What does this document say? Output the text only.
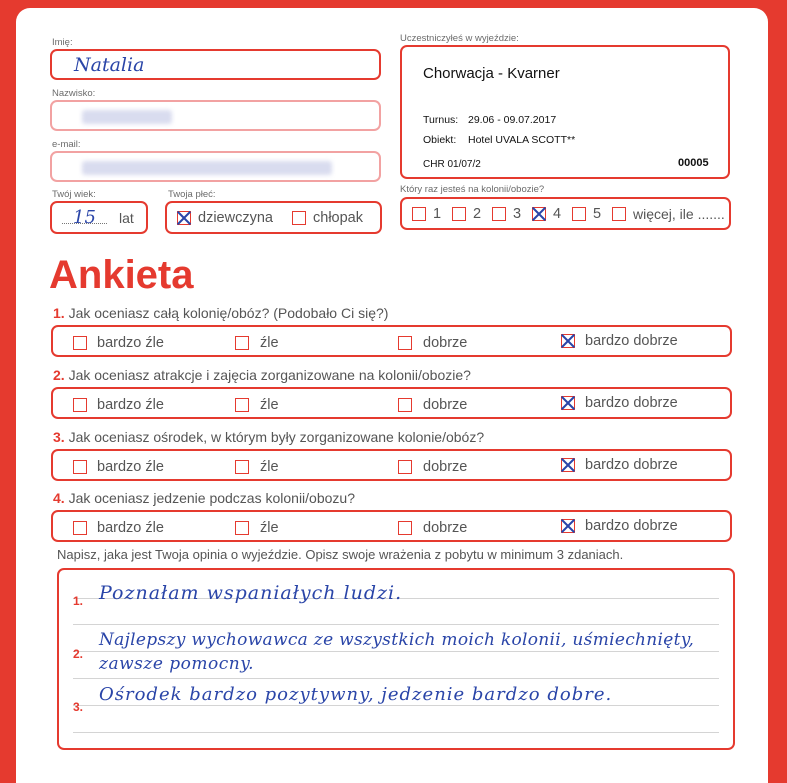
Imię:
Natalia
Nazwisko:
e-mail:
Twój wiek:
15 lat
Twoja płeć:
dziewczyna	chłopak
Uczestniczyłeś w wyjeździe:
Chorwacja - Kvarner
Turnus: 29.06 - 09.07.2017
Obiekt: Hotel UVALA SCOTT**
CHR 01/07/2	00005
Który raz jesteś na kolonii/obozie?
1 2 3 4 5 więcej, ile .......
Ankieta
1. Jak oceniasz całą kolonię/obóz? (Podobało Ci się?)
bardzo źle	źle	dobrze	bardzo dobrze
2. Jak oceniasz atrakcje i zajęcia zorganizowane na kolonii/obozie?
bardzo źle	źle	dobrze	bardzo dobrze
3. Jak oceniasz ośrodek, w którym były zorganizowane kolonie/obóz?
bardzo źle	źle	dobrze	bardzo dobrze
4. Jak oceniasz jedzenie podczas kolonii/obozu?
bardzo źle	źle	dobrze	bardzo dobrze
Napisz, jaka jest Twoja opinia o wyjeździe. Opisz swoje wrażenia z pobytu w minimum 3 zdaniach.
1.
2.
3.
Poznałam wspaniałych ludzi.
Najlepszy wychowawca ze wszystkich moich kolonii, uśmiechnięty,
zawsze pomocny.
Ośrodek bardzo pozytywny, jedzenie bardzo dobre.
